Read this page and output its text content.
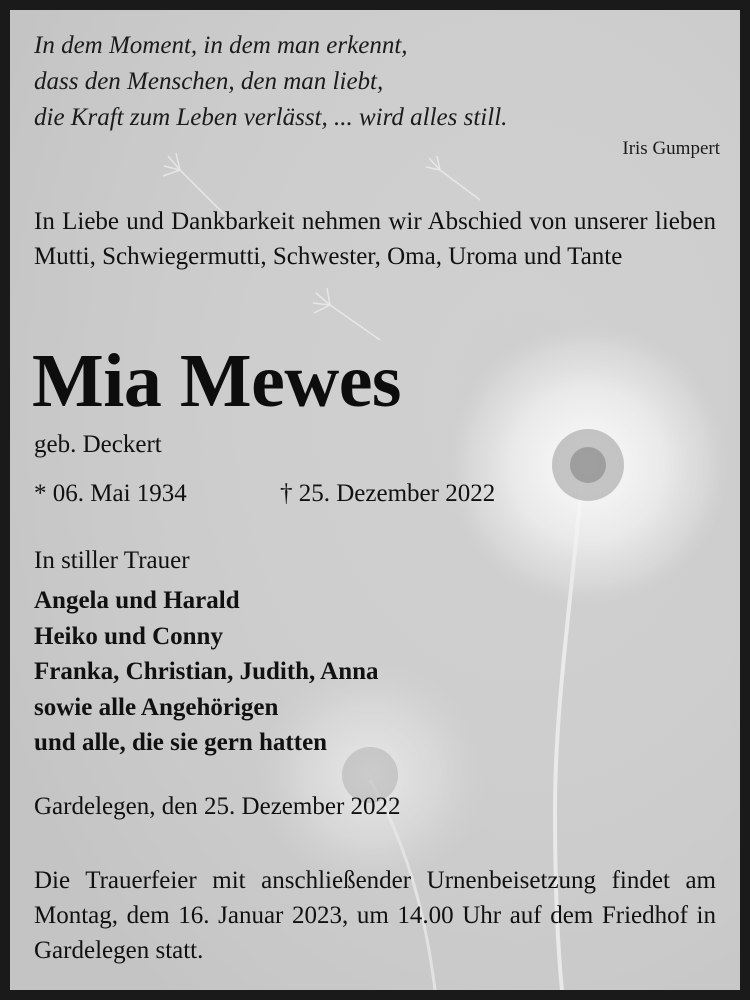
In dem Moment, in dem man erkennt,
dass den Menschen, den man liebt,
die Kraft zum Leben verlässt, ... wird alles still.
Iris Gumpert
In Liebe und Dankbarkeit nehmen wir Abschied von unserer lieben Mutti, Schwiegermutti, Schwester, Oma, Uroma und Tante
Mia Mewes
geb. Deckert
* 06. Mai 1934	† 25. Dezember 2022
In stiller Trauer
Angela und Harald
Heiko und Conny
Franka, Christian, Judith, Anna
sowie alle Angehörigen
und alle, die sie gern hatten
Gardelegen, den 25. Dezember 2022
Die Trauerfeier mit anschließender Urnenbeisetzung findet am Montag, dem 16. Januar 2023, um 14.00 Uhr auf dem Friedhof in Gardelegen statt.
